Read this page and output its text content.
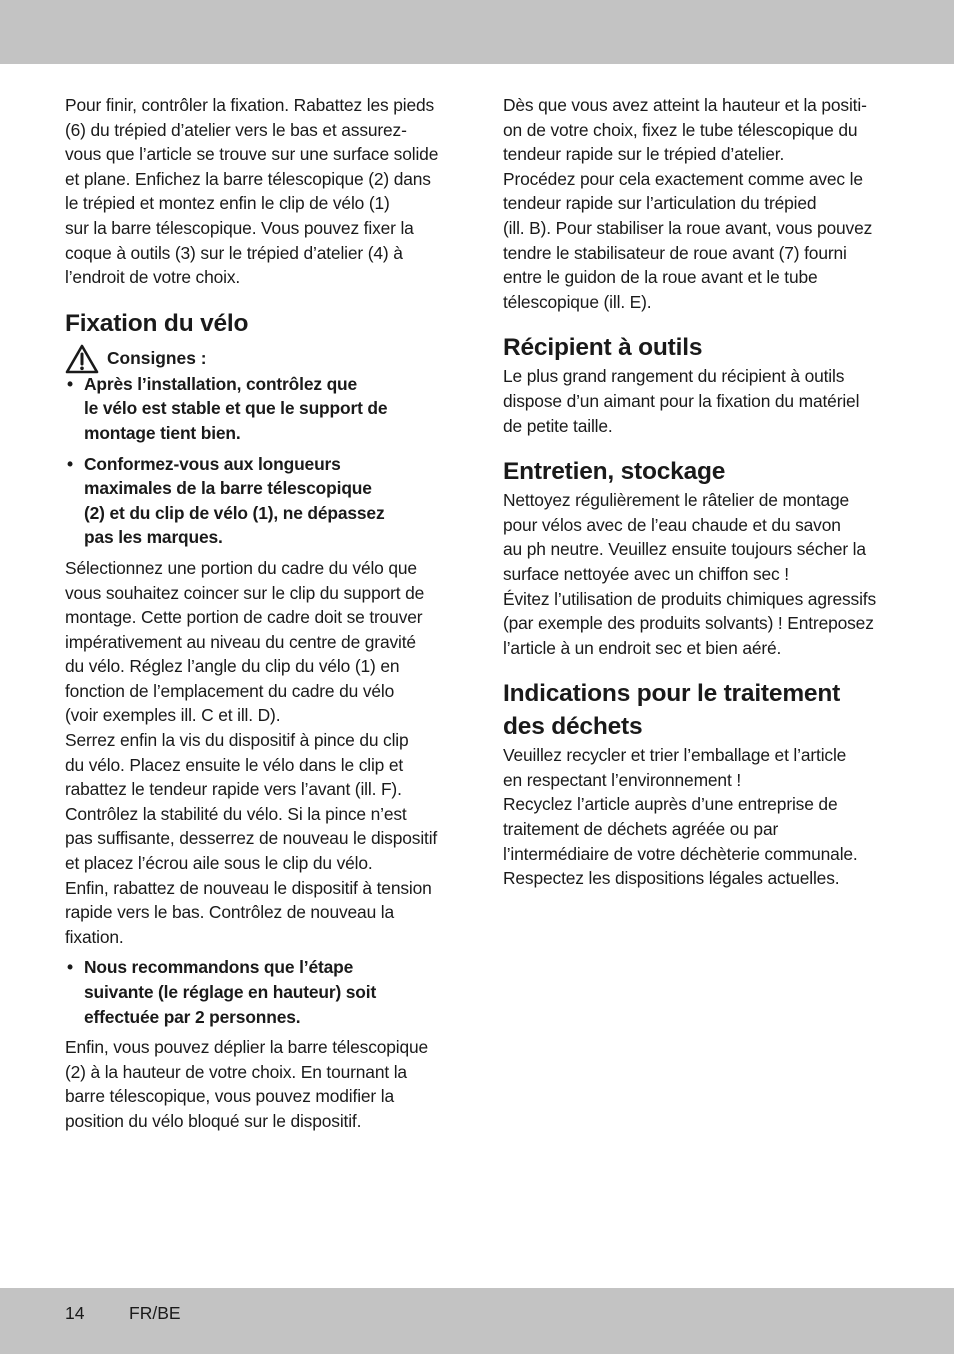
Pour finir, contrôler la fixation. Rabattez les pieds
(6) du trépied d’atelier vers le bas et assurez-
vous que l’article se trouve sur une surface solide
et plane. Enfichez la barre télescopique (2) dans
le trépied et montez enfin le clip de vélo (1)
sur la barre télescopique. Vous pouvez fixer la
coque à outils (3) sur le trépied d’atelier (4) à
l’endroit de votre choix.

Fixation du vélo
Consignes :
• Après l’installation, contrôlez que
le vélo est stable et que le support de
montage tient bien.
• Conformez-vous aux longueurs
maximales de la barre télescopique
(2) et du clip de vélo (1), ne dépassez
pas les marques.

Sélectionnez une portion du cadre du vélo que
vous souhaitez coincer sur le clip du support de
montage. Cette portion de cadre doit se trouver
impérativement au niveau du centre de gravité
du vélo. Réglez l’angle du clip du vélo (1) en
fonction de l’emplacement du cadre du vélo
(voir exemples ill. C et ill. D).
Serrez enfin la vis du dispositif à pince du clip
du vélo. Placez ensuite le vélo dans le clip et
rabattez le tendeur rapide vers l’avant (ill. F).
Contrôlez la stabilité du vélo. Si la pince n’est
pas suffisante, desserrez de nouveau le dispositif
et placez l’écrou aile sous le clip du vélo.
Enfin, rabattez de nouveau le dispositif à tension
rapide vers le bas. Contrôlez de nouveau la
fixation.

• Nous recommandons que l’étape
suivante (le réglage en hauteur) soit
effectuée par 2 personnes.

Enfin, vous pouvez déplier la barre télescopique
(2) à la hauteur de votre choix. En tournant la
barre télescopique, vous pouvez modifier la
position du vélo bloqué sur le dispositif.

Dès que vous avez atteint la hauteur et la positi-
on de votre choix, fixez le tube télescopique du
tendeur rapide sur le trépied d’atelier.
Procédez pour cela exactement comme avec le
tendeur rapide sur l’articulation du trépied
(ill. B). Pour stabiliser la roue avant, vous pouvez
tendre le stabilisateur de roue avant (7) fourni
entre le guidon de la roue avant et le tube
télescopique (ill. E).

Récipient à outils

Le plus grand rangement du récipient à outils
dispose d’un aimant pour la fixation du matériel
de petite taille.

Entretien, stockage

Nettoyez régulièrement le râtelier de montage
pour vélos avec de l’eau chaude et du savon
au ph neutre. Veuillez ensuite toujours sécher la
surface nettoyée avec un chiffon sec !
Évitez l’utilisation de produits chimiques agressifs
(par exemple des produits solvants) ! Entreposez
l’article à un endroit sec et bien aéré.

Indications pour le traitement
des déchets

Veuillez recycler et trier l’emballage et l’article
en respectant l’environnement !
Recyclez l’article auprès d’une entreprise de
traitement de déchets agréée ou par
l’intermédiaire de votre déchèterie communale.
Respectez les dispositions légales actuelles.

14	FR/BE
